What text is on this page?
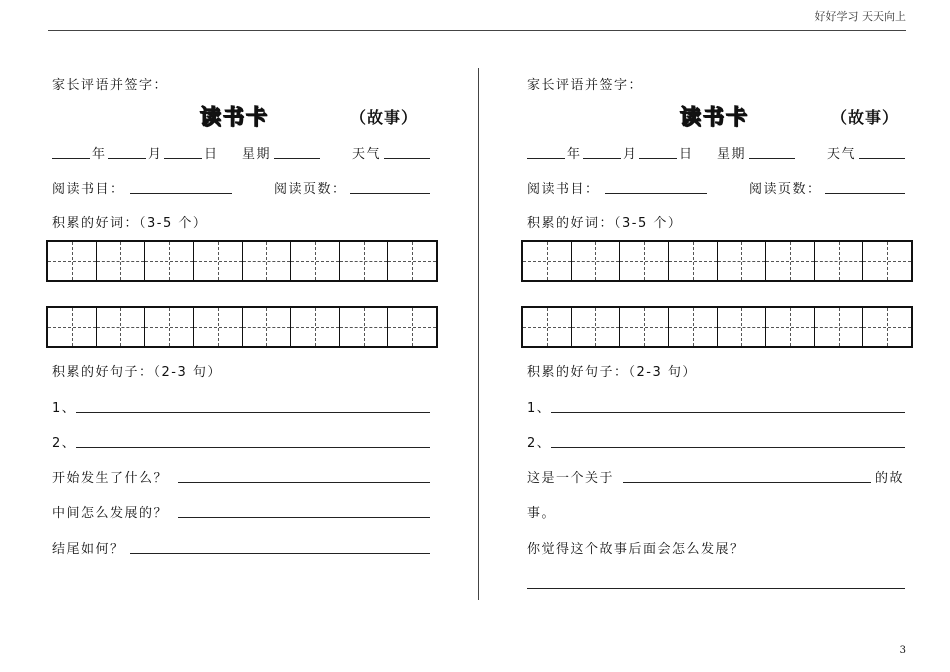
好好学习 天天向上
3
家长评语并签字：
读书卡	（故事）
年	月	日 星期	天气
阅读书目：	阅读页数：
积累的好词：（3-5 个）
积累的好句子：（2-3 句）
1、
2、
开始发生了什么？
中间怎么发展的？
结尾如何？
家长评语并签字：
读书卡	（故事）
年	月	日 星期	天气
阅读书目：	阅读页数：
积累的好词：（3-5 个）
积累的好句子：（2-3 句）
1、
2、
这是一个关于	的故
事。
你觉得这个故事后面会怎么发展？
